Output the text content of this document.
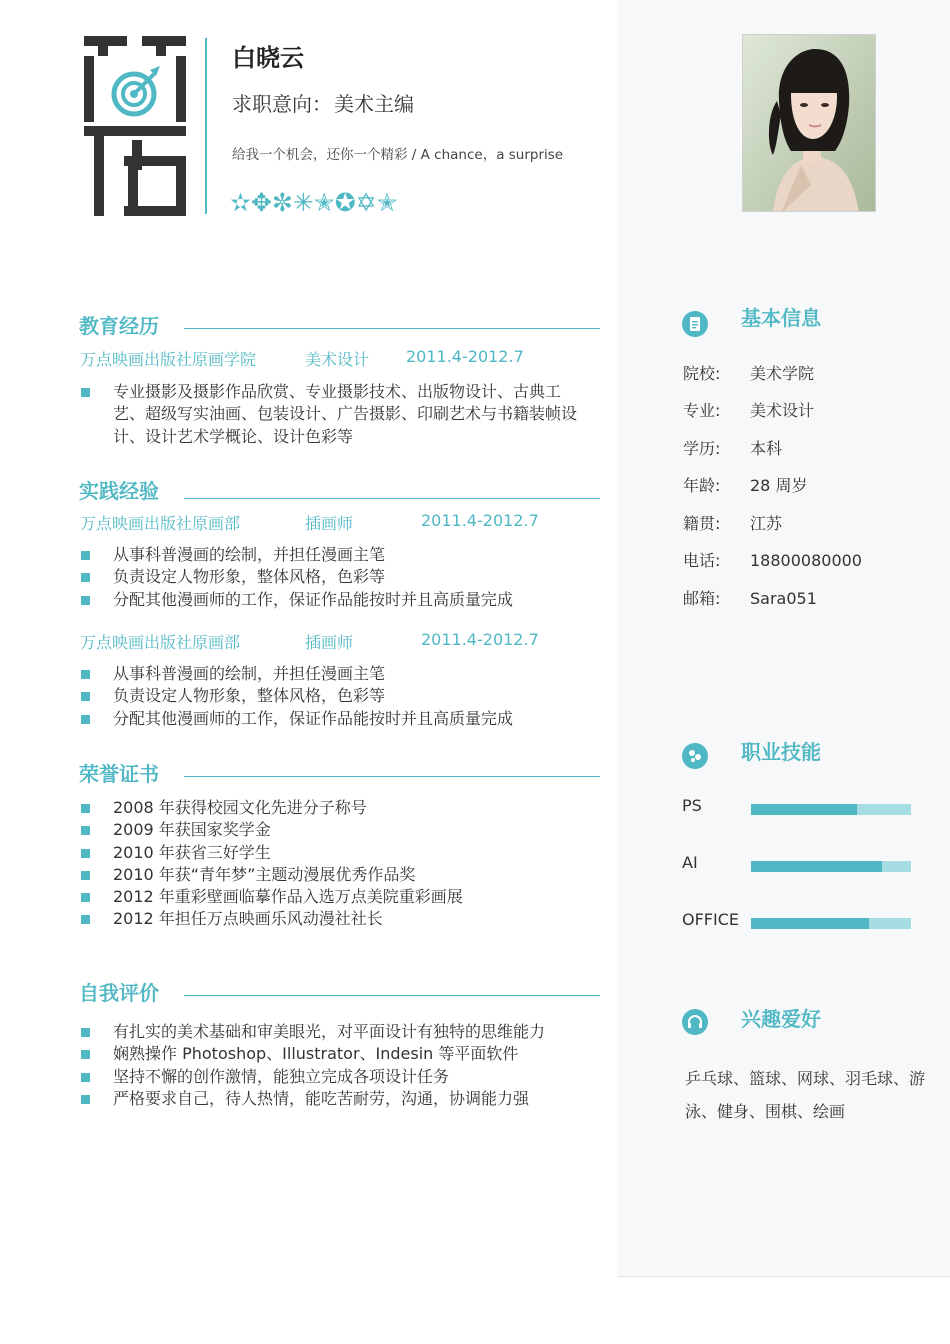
白晓云
求职意向： 美术主编
给我一个机会，还你一个精彩 / A chance，a surprise
✫✥✼✳✭✪✡✭
教育经历
万点映画出版社原画学院	美术设计 2011.4-2012.7
专业摄影及摄影作品欣赏、专业摄影技术、出版物设计、古典工艺、超级写实油画、包装设计、广告摄影、印刷艺术与书籍装帧设计、设计艺术学概论、设计色彩等
实践经验
万点映画出版社原画部	插画师	2011.4-2012.7
从事科普漫画的绘制，并担任漫画主笔
负责设定人物形象，整体风格，色彩等
分配其他漫画师的工作，保证作品能按时并且高质量完成
万点映画出版社原画部	插画师	2011.4-2012.7
从事科普漫画的绘制，并担任漫画主笔
负责设定人物形象，整体风格，色彩等
分配其他漫画师的工作，保证作品能按时并且高质量完成
荣誉证书
2008 年获得校园文化先进分子称号
2009 年获国家奖学金
2010 年获省三好学生
2010 年获“青年梦”主题动漫展优秀作品奖
2012 年重彩壁画临摹作品入选万点美院重彩画展
2012 年担任万点映画乐风动漫社社长
自我评价
有扎实的美术基础和审美眼光，对平面设计有独特的思维能力
娴熟操作 Photoshop、Illustrator、Indesin 等平面软件
坚持不懈的创作激情，能独立完成各项设计任务
严格要求自己，待人热情，能吃苦耐劳，沟通，协调能力强
基本信息
院校: 美术学院
专业: 美术设计
学历: 本科
年龄: 28 周岁
籍贯: 江苏
电话: 18800080000
邮箱: Sara051
职业技能
PS
AI
OFFICE
兴趣爱好
乒乓球、篮球、网球、羽毛球、游泳、健身、围棋、绘画
